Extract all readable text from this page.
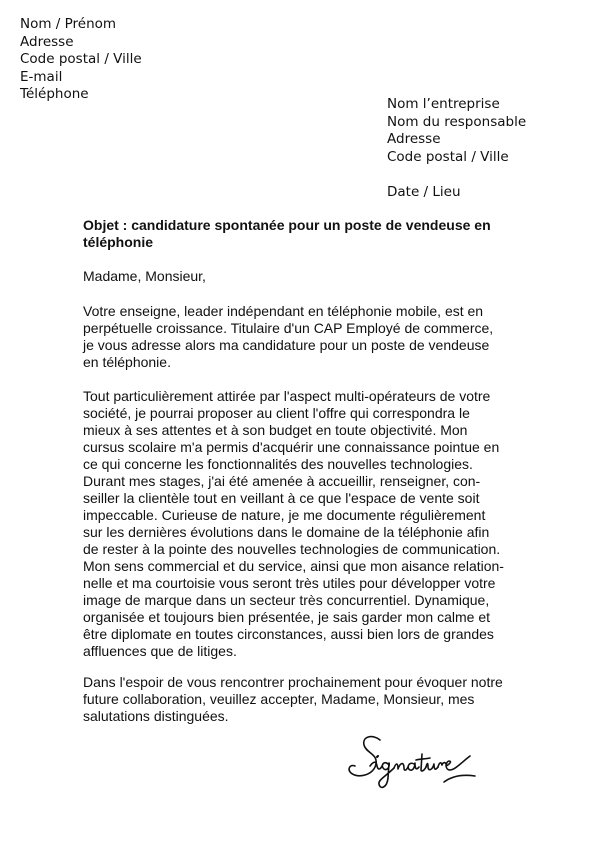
Nom / Prénom
Adresse
Code postal / Ville
E-mail
Téléphone
Nom l’entreprise
Nom du responsable
Adresse
Code postal / Ville
Date / Lieu
Objet : candidature spontanée pour un poste de vendeuse en
téléphonie
Madame, Monsieur,
Votre enseigne, leader indépendant en téléphonie mobile, est en
perpétuelle croissance. Titulaire d'un CAP Employé de commerce,
je vous adresse alors ma candidature pour un poste de vendeuse
en téléphonie.
Tout particulièrement attirée par l'aspect multi-opérateurs de votre
société, je pourrai proposer au client l'offre qui correspondra le
mieux à ses attentes et à son budget en toute objectivité. Mon
cursus scolaire m'a permis d'acquérir une connaissance pointue en
ce qui concerne les fonctionnalités des nouvelles technologies.
Durant mes stages, j'ai été amenée à accueillir, renseigner, con-
seiller la clientèle tout en veillant à ce que l'espace de vente soit
impeccable. Curieuse de nature, je me documente régulièrement
sur les dernières évolutions dans le domaine de la téléphonie afin
de rester à la pointe des nouvelles technologies de communication.
Mon sens commercial et du service, ainsi que mon aisance relation-
nelle et ma courtoisie vous seront très utiles pour développer votre
image de marque dans un secteur très concurrentiel. Dynamique,
organisée et toujours bien présentée, je sais garder mon calme et
être diplomate en toutes circonstances, aussi bien lors de grandes
affluences que de litiges.
Dans l'espoir de vous rencontrer prochainement pour évoquer notre
future collaboration, veuillez accepter, Madame, Monsieur, mes
salutations distinguées.
